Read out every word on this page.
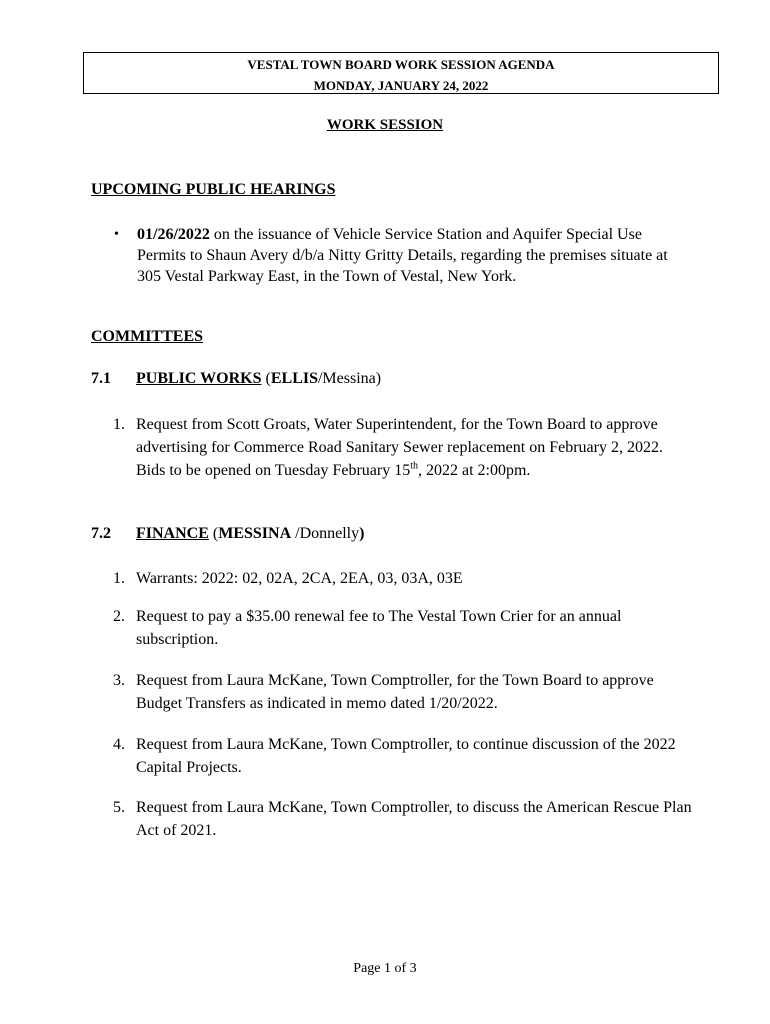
VESTAL TOWN BOARD WORK SESSION AGENDA
MONDAY, JANUARY 24, 2022
WORK SESSION
UPCOMING PUBLIC HEARINGS
• 01/26/2022 on the issuance of Vehicle Service Station and Aquifer Special Use Permits to Shaun Avery d/b/a Nitty Gritty Details, regarding the premises situate at 305 Vestal Parkway East, in the Town of Vestal, New York.
COMMITTEES
7.1 PUBLIC WORKS (ELLIS/Messina)
1. Request from Scott Groats, Water Superintendent, for the Town Board to approve advertising for Commerce Road Sanitary Sewer replacement on February 2, 2022. Bids to be opened on Tuesday February 15th, 2022 at 2:00pm.
7.2 FINANCE (MESSINA /Donnelly)
1. Warrants: 2022: 02, 02A, 2CA, 2EA, 03, 03A, 03E
2. Request to pay a $35.00 renewal fee to The Vestal Town Crier for an annual subscription.
3. Request from Laura McKane, Town Comptroller, for the Town Board to approve Budget Transfers as indicated in memo dated 1/20/2022.
4. Request from Laura McKane, Town Comptroller, to continue discussion of the 2022 Capital Projects.
5. Request from Laura McKane, Town Comptroller, to discuss the American Rescue Plan Act of 2021.
Page 1 of 3
